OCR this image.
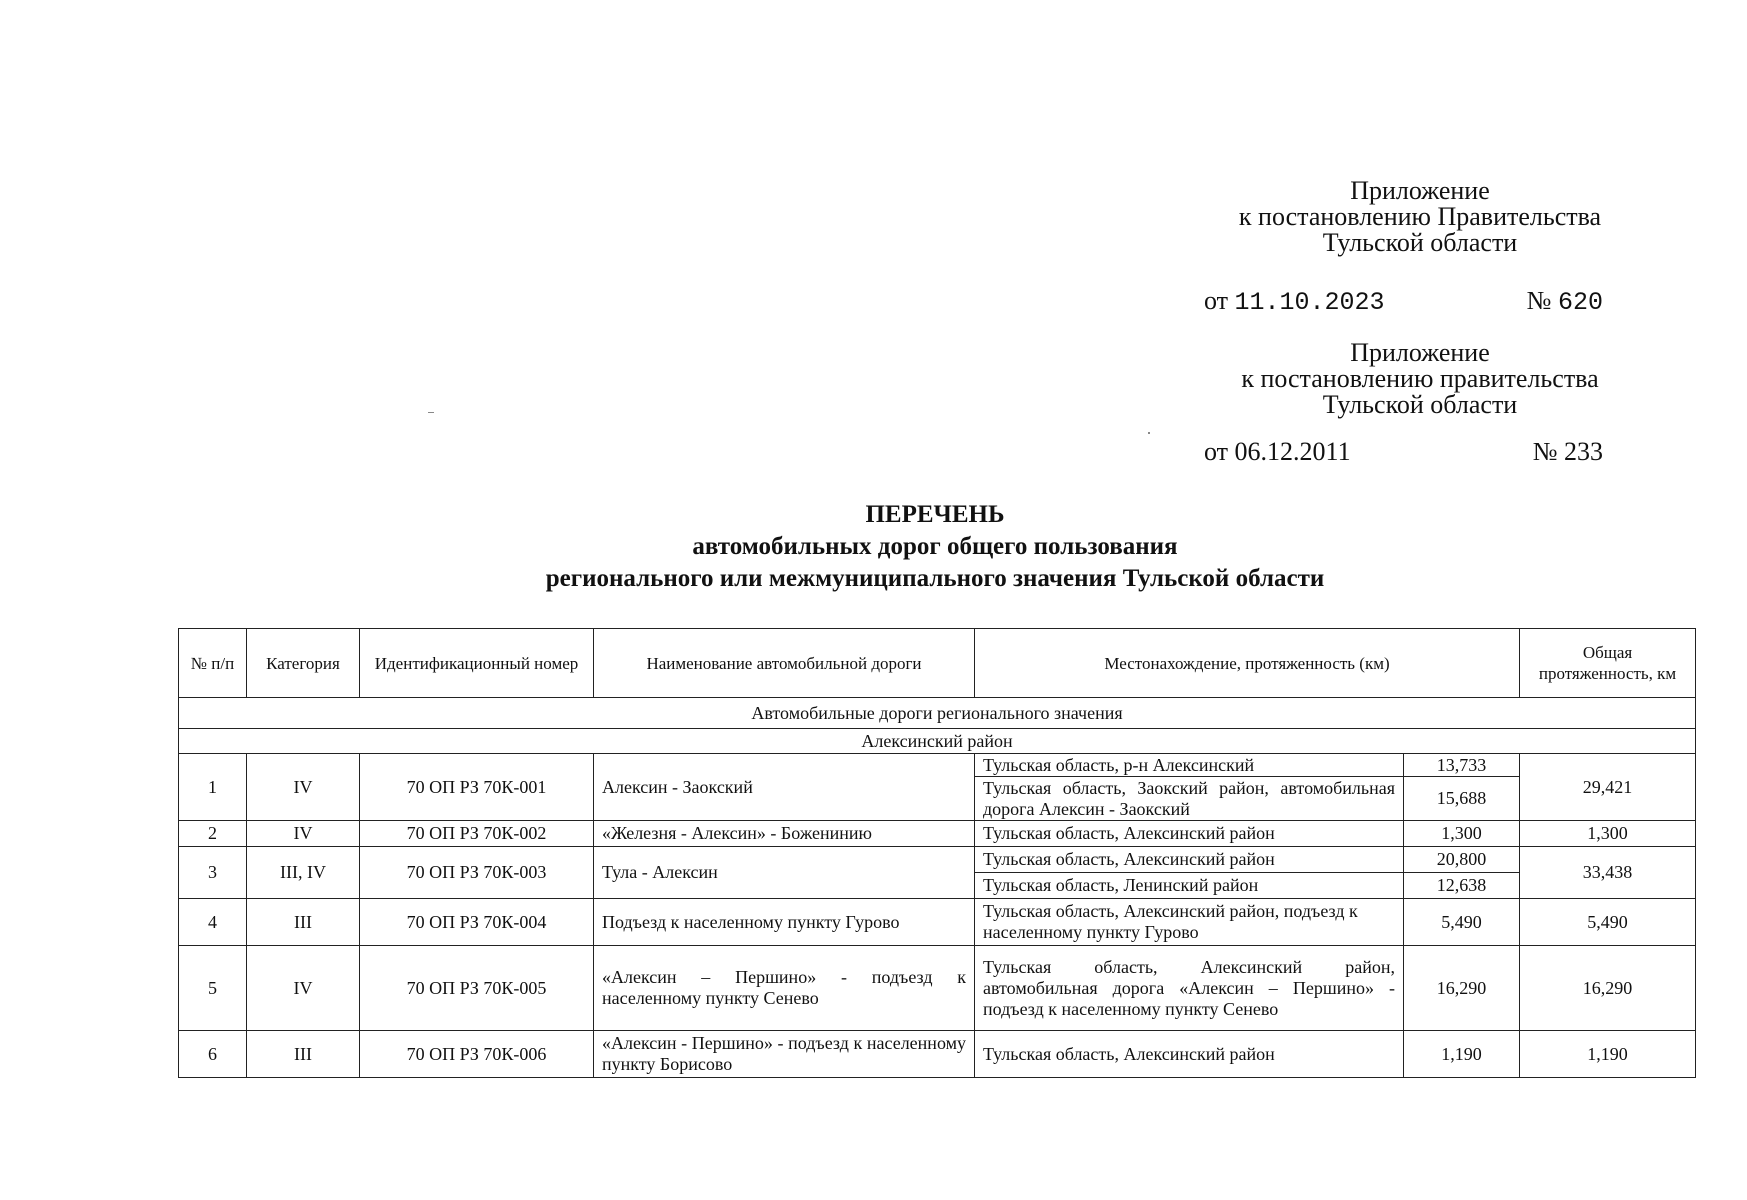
Приложение
к постановлению Правительства
Тульской области
от 11.10.2023	№ 620
Приложение
к постановлению правительства
Тульской области
от 06.12.2011	№ 233
ПЕРЕЧЕНЬ
автомобильных дорог общего пользования
регионального или межмуниципального значения Тульской области
№ п/п	Категория	Идентификационный номер	Наименование автомобильной дороги	Местонахождение, протяженность (км)		Общая протяженность, км
Автомобильные дороги регионального значения						
Алексинский район						
1	IV	70 ОП РЗ 70К-001	Алексин - Заокский	Тульская область, р-н Алексинский	13,733	29,421
				Тульская область, Заокский район, автомобильная дорога Алексин - Заокский	15,688	
2	IV	70 ОП РЗ 70К-002	«Железня - Алексин» - Боженинию	Тульская область, Алексинский район	1,300	1,300
3	III, IV	70 ОП РЗ 70К-003	Тула - Алексин	Тульская область, Алексинский район	20,800	33,438
				Тульская область, Ленинский район	12,638	
4	III	70 ОП РЗ 70К-004	Подъезд к населенному пункту Гурово	Тульская область, Алексинский район, подъезд к населенному пункту Гурово	5,490	5,490
5	IV	70 ОП РЗ 70К-005	«Алексин – Першино» - подъезд к населенному пункту Сенево	Тульская область, Алексинский район, автомобильная дорога «Алексин – Першино» - подъезд к населенному пункту Сенево	16,290	16,290
6	III	70 ОП РЗ 70К-006	«Алексин - Першино» - подъезд к населенному пункту Борисово	Тульская область, Алексинский район	1,190	1,190
